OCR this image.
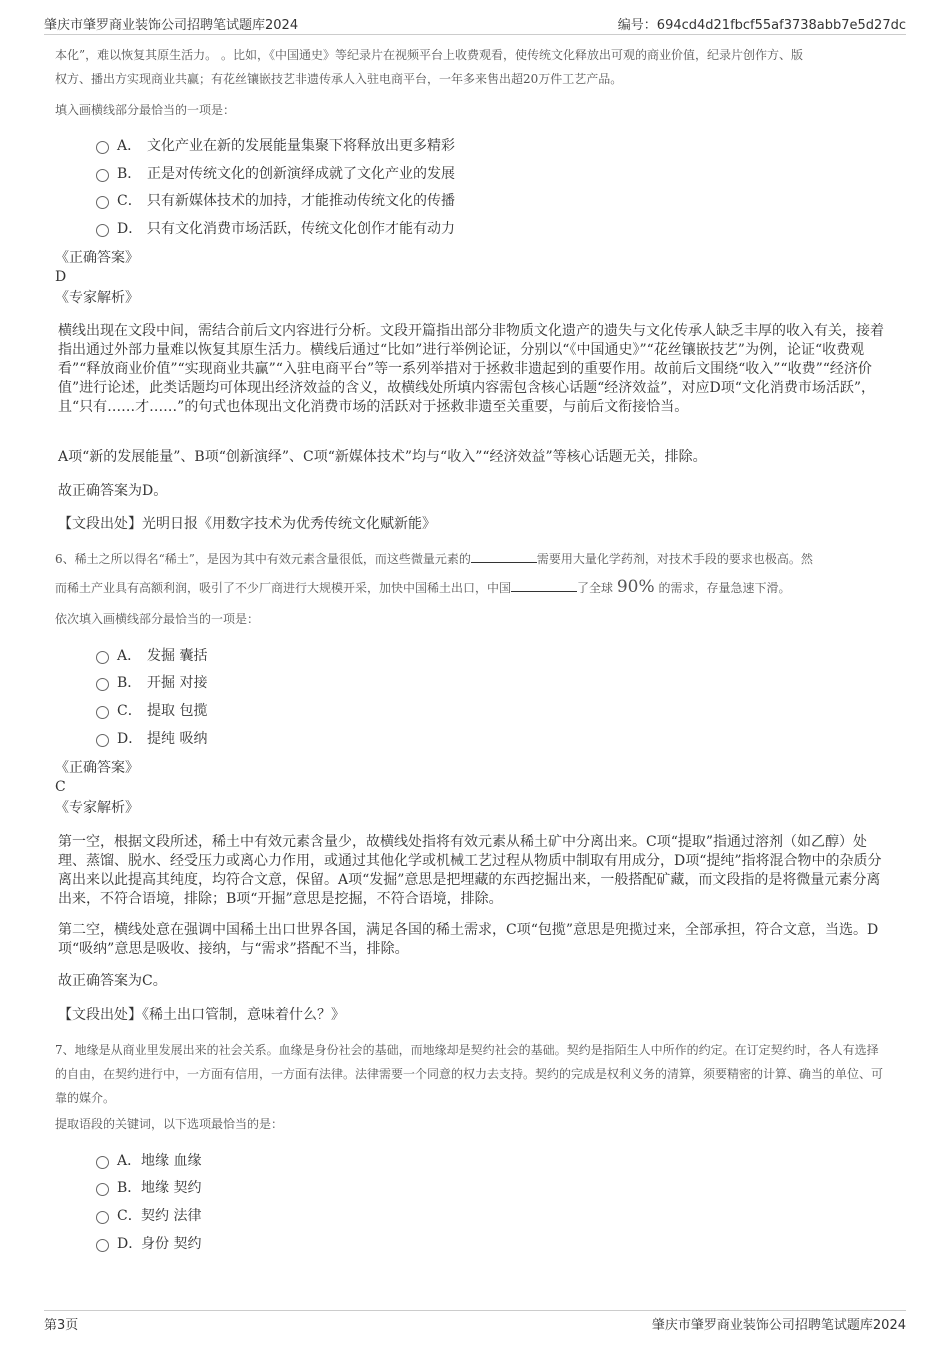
肇庆市肇罗商业装饰公司招聘笔试题库2024	编号：694cd4d21fbcf55af3738abb7e5d27dc
本化”，难以恢复其原生活力。 。比如，《中国通史》等纪录片在视频平台上收费观看，使传统文化释放出可观的商业价值，纪录片创作方、版
权方、播出方实现商业共赢；有花丝镶嵌技艺非遗传承人入驻电商平台，一年多来售出超20万件工艺产品。
填入画横线部分最恰当的一项是：
A． 文化产业在新的发展能量集聚下将释放出更多精彩
B． 正是对传统文化的创新演绎成就了文化产业的发展
C． 只有新媒体技术的加持，才能推动传统文化的传播
D． 只有文化消费市场活跃，传统文化创作才能有动力
《正确答案》
D
《专家解析》
横线出现在文段中间，需结合前后文内容进行分析。文段开篇指出部分非物质文化遗产的遗失与文化传承人缺乏丰厚的收入有关，接着指出通过外部力量难以恢复其原生活力。横线后通过“比如”进行举例论证，分别以“《中国通史》”“花丝镶嵌技艺”为例，论证“收费观看”“释放商业价值”“实现商业共赢”“入驻电商平台”等一系列举措对于拯救非遗起到的重要作用。故前后文围绕“收入”“收费”“经济价值”进行论述，此类话题均可体现出经济效益的含义，故横线处所填内容需包含核心话题“经济效益”，对应D项“文化消费市场活跃”，且“只有……才……”的句式也体现出文化消费市场的活跃对于拯救非遗至关重要，与前后文衔接恰当。
A项“新的发展能量”、B项“创新演绎”、C项“新媒体技术”均与“收入”“经济效益”等核心话题无关，排除。
故正确答案为D。
【文段出处】光明日报《用数字技术为优秀传统文化赋新能》
6、稀土之所以得名“稀土”，是因为其中有效元素含量很低，而这些微量元素的	需要用大量化学药剂，对技术手段的要求也极高。然
而稀土产业具有高额利润，吸引了不少厂商进行大规模开采，加快中国稀土出口，中国	了全球 90% 的需求，存量急速下滑。
依次填入画横线部分最恰当的一项是：
A． 发掘 囊括
B． 开掘 对接
C． 提取 包揽
D． 提纯 吸纳
《正确答案》
C
《专家解析》
第一空，根据文段所述，稀土中有效元素含量少，故横线处指将有效元素从稀土矿中分离出来。C项“提取”指通过溶剂（如乙醇）处理、蒸馏、脱水、经受压力或离心力作用，或通过其他化学或机械工艺过程从物质中制取有用成分，D项“提纯”指将混合物中的杂质分离出来以此提高其纯度，均符合文意，保留。A项“发掘”意思是把埋藏的东西挖掘出来，一般搭配矿藏，而文段指的是将微量元素分离出来，不符合语境，排除；B项“开掘”意思是挖掘，不符合语境，排除。
第二空，横线处意在强调中国稀土出口世界各国，满足各国的稀土需求，C项“包揽”意思是兜揽过来，全部承担，符合文意，当选。D项“吸纳”意思是吸收、接纳，与“需求”搭配不当，排除。
故正确答案为C。
【文段出处】《稀土出口管制，意味着什么？》
7、地缘是从商业里发展出来的社会关系。血缘是身份社会的基础，而地缘却是契约社会的基础。契约是指陌生人中所作的约定。在订定契约时，各人有选择的自由，在契约进行中，一方面有信用，一方面有法律。法律需要一个同意的权力去支持。契约的完成是权利义务的清算，须要精密的计算、确当的单位、可靠的媒介。
提取语段的关键词，以下选项最恰当的是：
A．地缘 血缘
B．地缘 契约
C．契约 法律
D．身份 契约
第3页	肇庆市肇罗商业装饰公司招聘笔试题库2024
